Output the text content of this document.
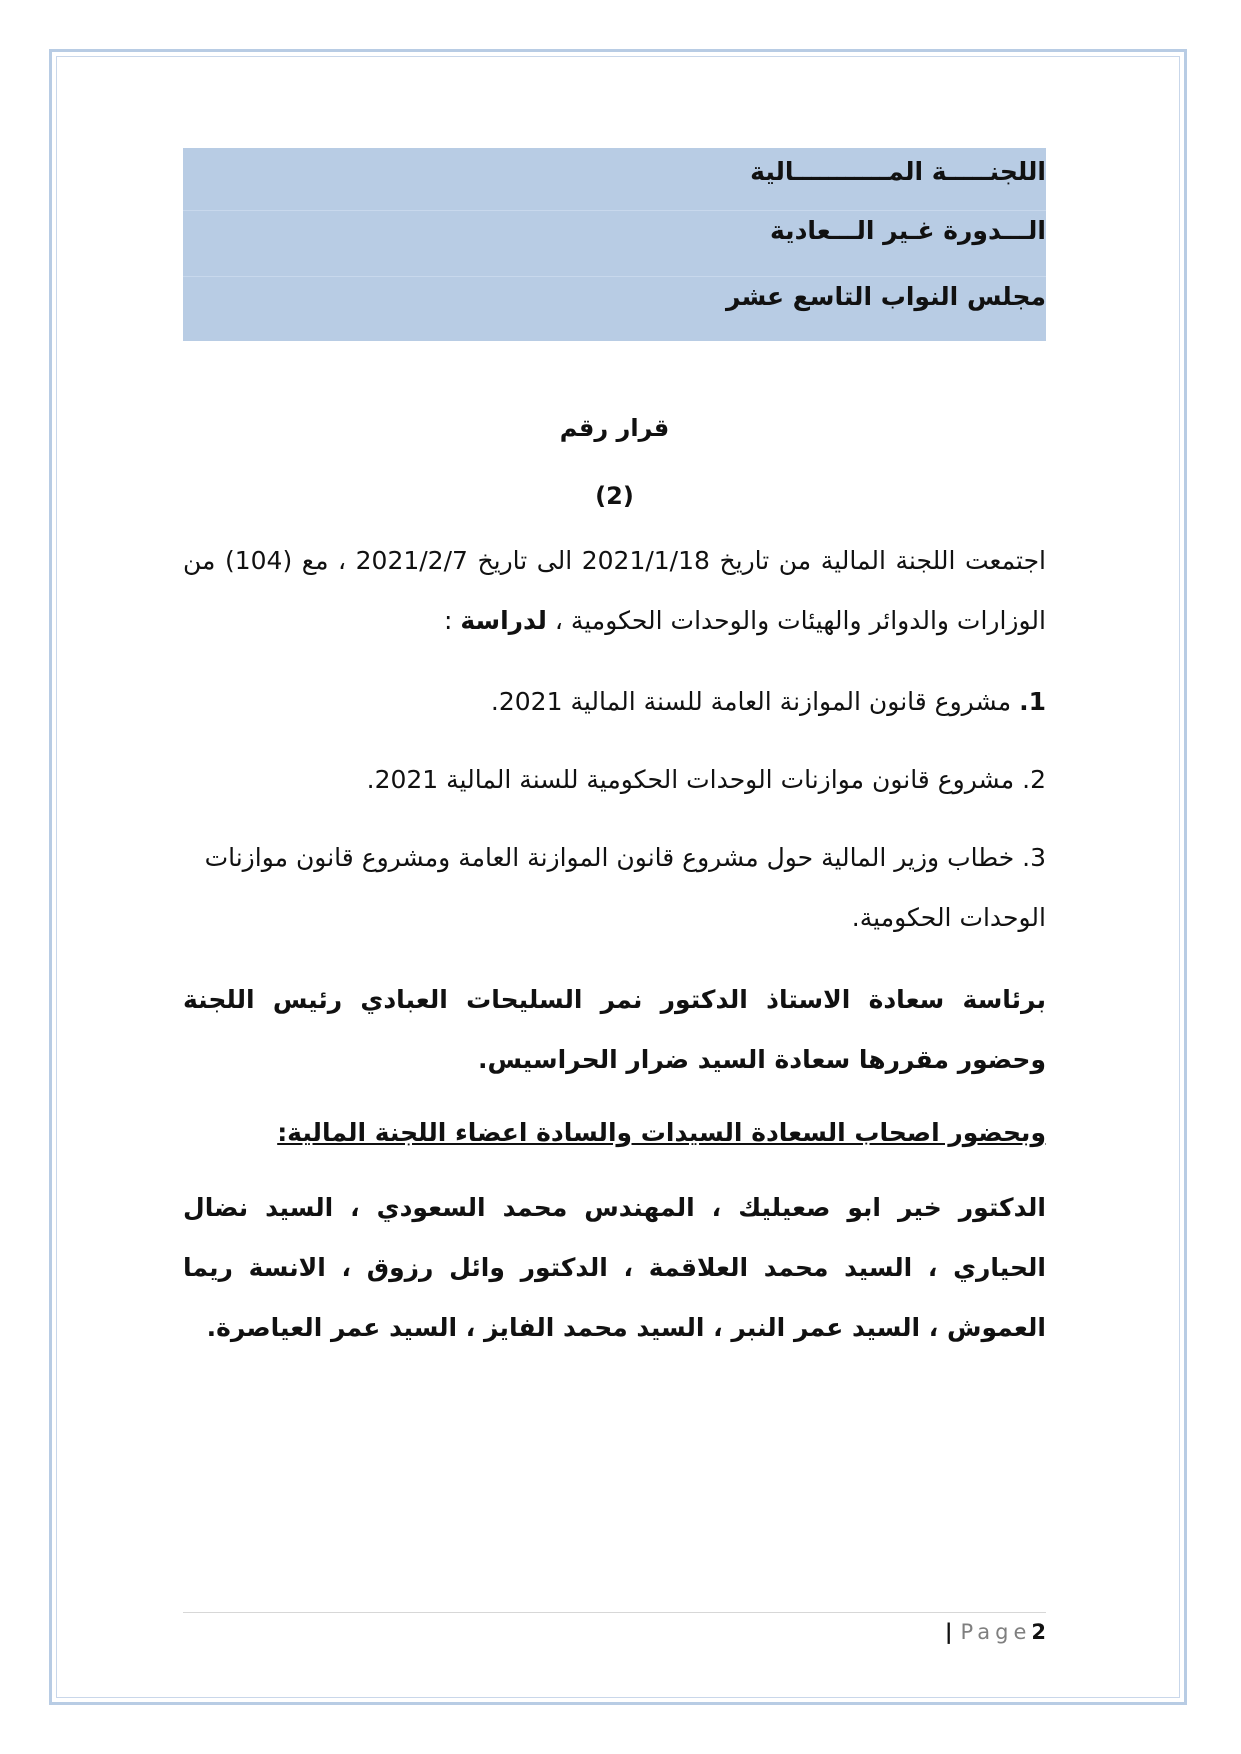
اللجنـــــة المـــــــــــالية
الـــدورة غـير الـــعادية
مجلس النواب التاسع عشر
قرار رقم
(2)
اجتمعت اللجنة المالية من تاريخ 2021/1/18 الى تاريخ 2021/2/7 ، مع (104) من الوزارات والدوائر والهيئات والوحدات الحكومية ، لدراسة :
1. مشروع قانون الموازنة العامة للسنة المالية 2021.
2. مشروع قانون موازنات الوحدات الحكومية للسنة المالية 2021.
3. خطاب وزير المالية حول مشروع قانون الموازنة العامة ومشروع قانون موازنات الوحدات الحكومية.
برئاسة سعادة الاستاذ الدكتور نمر السليحات العبادي رئيس اللجنة وحضور مقررها سعادة السيد ضرار الحراسيس.
وبحضور اصحاب السعادة السيدات والسادة اعضاء اللجنة المالية:
الدكتور خير ابو صعيليك ، المهندس محمد السعودي ، السيد نضال الحياري ، السيد محمد العلاقمة ، الدكتور وائل رزوق ، الانسة ريما العموش ، السيد عمر النبر ، السيد محمد الفايز ، السيد عمر العياصرة.
| Page2
